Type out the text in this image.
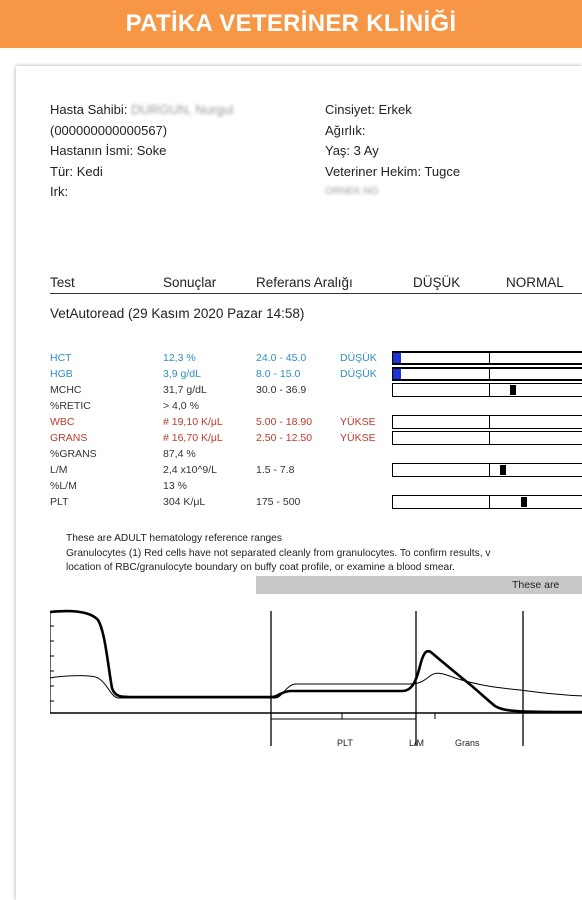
PATİKA VETERİNER KLİNİĞİ
Hasta Sahibi: DURGUN, Nurgul
(000000000000567)
Hastanın İsmi: Soke
Tür: Kedi
Irk:
Cinsiyet: Erkek
Ağırlık:
Yaş: 3 Ay
Veteriner Hekim: Tugce
ORNEK NO
Test	Sonuçlar	Referans Aralığı	DÜŞÜK	NORMAL
VetAutoread (29 Kasım 2020 Pazar 14:58)
HCT	12,3 %	24.0 - 45.0	DÜŞÜK
HGB	3,9 g/dL	8.0 - 15.0	DÜŞÜK
MCHC	31,7 g/dL	30.0 - 36.9
%RETIC	> 4,0 %
WBC	# 19,10 K/μL	5.00 - 18.90	YÜKSE
GRANS	# 16,70 K/μL	2.50 - 12.50	YÜKSE
%GRANS	87,4 %
L/M	2,4 x10^9/L	1.5 - 7.8
%L/M	13 %
PLT	304 K/μL	175 - 500
These are ADULT hematology reference ranges
Granulocytes (1) Red cells have not separated cleanly from granulocytes. To confirm results, v
location of RBC/granulocyte boundary on buffy coat profile, or examine a blood smear.
These are
PLT	L/M	Grans
